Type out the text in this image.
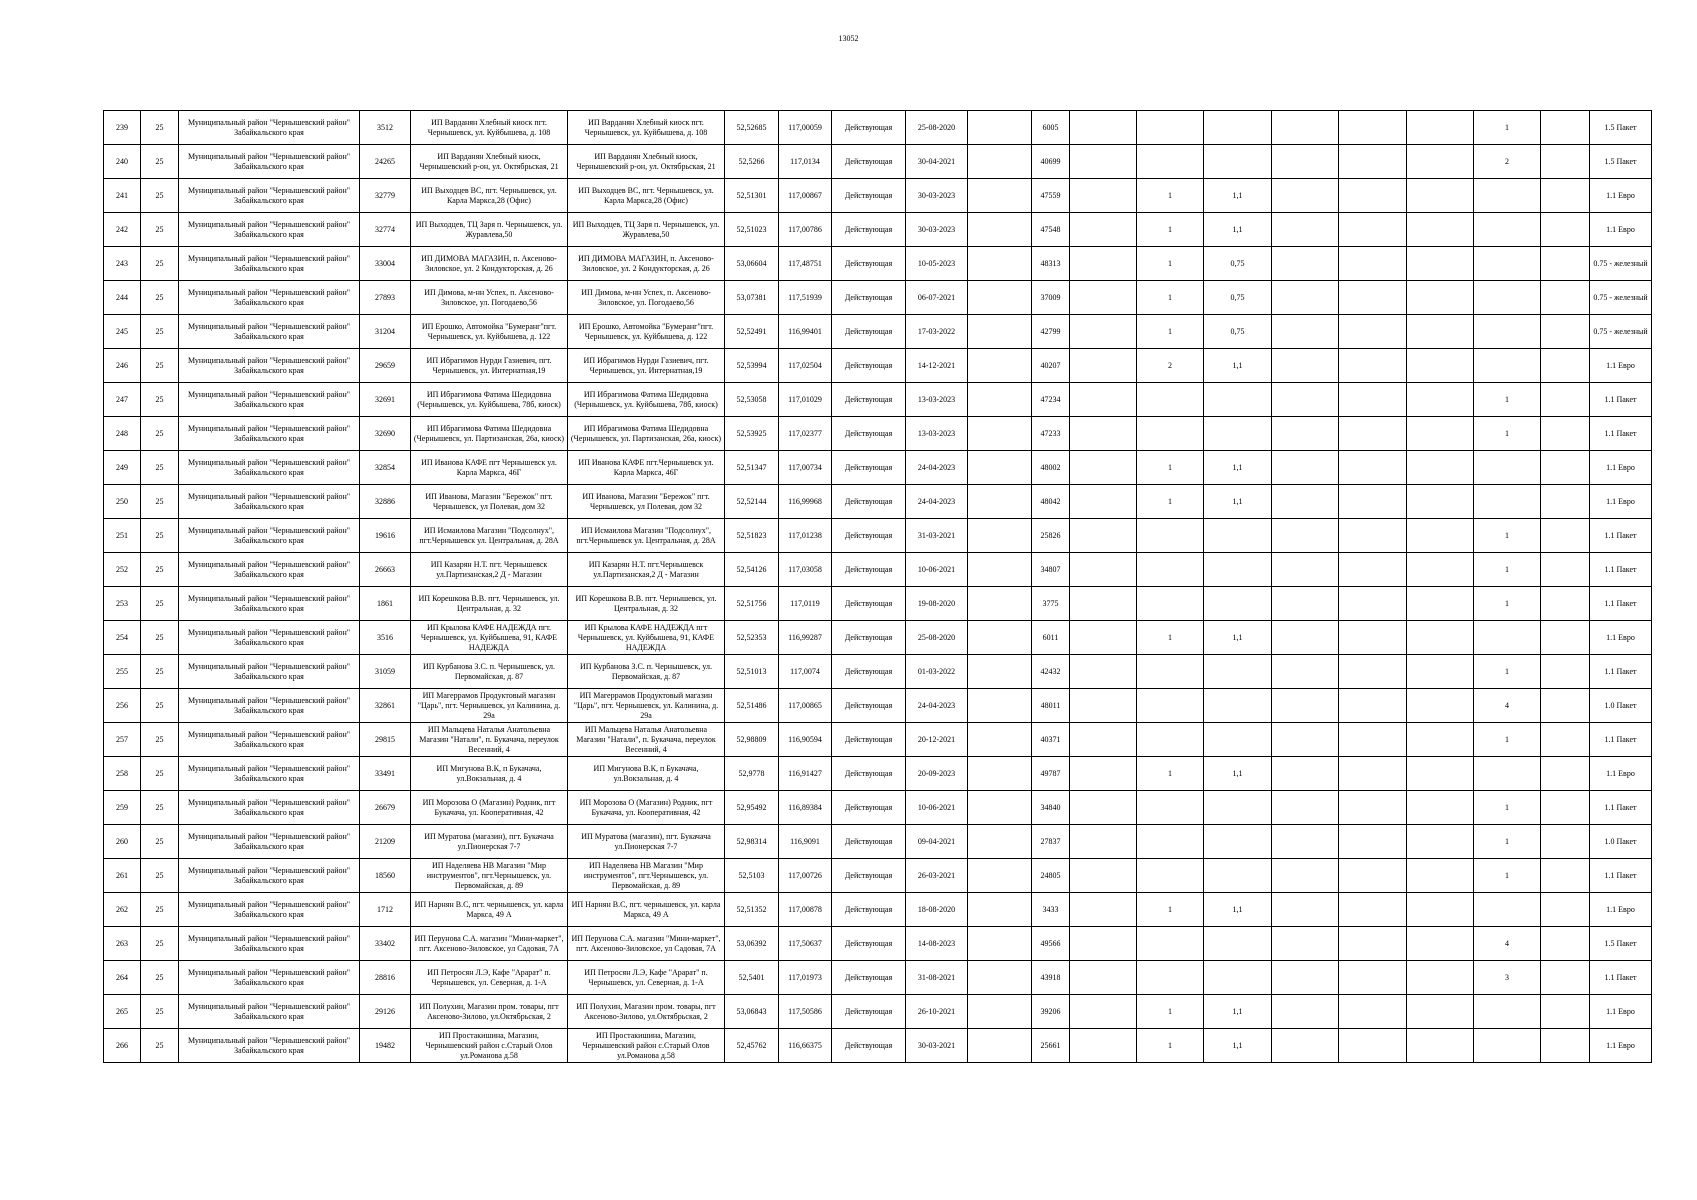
13052
239	25	Муниципальный район "Чернышевский район" Забайкальского края	3512	ИП Варданян Хлебный киоск пгт. Чернышевск, ул. Куйбышева, д. 108	ИП Варданян Хлебный киоск пгт. Чернышевск, ул. Куйбышева, д. 108	52,52685	117,00059	Действующая	25-08-2020		6005							1		1.5 Пакет
240	25	Муниципальный район "Чернышевский район" Забайкальского края	24265	ИП Варданян Хлебный киоск, Чернышевский р-он, ул. Октябрьская, 21	ИП Варданян Хлебный киоск, Чернышевский р-он, ул. Октябрьская, 21	52,5266	117,0134	Действующая	30-04-2021		40699							2		1.5 Пакет
241	25	Муниципальный район "Чернышевский район" Забайкальского края	32779	ИП Выходцев ВС, пгт. Чернышевск, ул. Карла Маркса,28 (Офис)	ИП Выходцев ВС, пгт. Чернышевск, ул. Карла Маркса,28 (Офис)	52,51301	117,00867	Действующая	30-03-2023		47559		1	1,1						1.1 Евро
242	25	Муниципальный район "Чернышевский район" Забайкальского края	32774	ИП Выходцев, ТЦ Заря п. Чернышевск, ул. Журавлева,50	ИП Выходцев, ТЦ Заря п. Чернышевск, ул. Журавлева,50	52,51023	117,00786	Действующая	30-03-2023		47548		1	1,1						1.1 Евро
243	25	Муниципальный район "Чернышевский район" Забайкальского края	33004	ИП ДИМОВА МАГАЗИН, п. Аксеново-Зиловское, ул. 2 Кондукторская, д. 26	ИП ДИМОВА МАГАЗИН, п. Аксеново-Зиловское, ул. 2 Кондукторская, д. 26	53,06604	117,48751	Действующая	10-05-2023		48313		1	0,75						0.75 - железный
244	25	Муниципальный район "Чернышевский район" Забайкальского края	27893	ИП Димова, м-нн Успех, п. Аксеново-Зиловское, ул. Погодаево,56	ИП Димова, м-нн Успех, п. Аксеново-Зиловское, ул. Погодаево,56	53,07381	117,51939	Действующая	06-07-2021		37009		1	0,75						0.75 - железный
245	25	Муниципальный район "Чернышевский район" Забайкальского края	31204	ИП Ерошко, Автомойка "Бумеранг"пгт. Чернышевск, ул. Куйбышева, д. 122	ИП Ерошко, Автомойка "Бумеранг"пгт. Чернышевск, ул. Куйбышева, д. 122	52,52491	116,99401	Действующая	17-03-2022		42799		1	0,75						0.75 - железный
246	25	Муниципальный район "Чернышевский район" Забайкальского края	29659	ИП Ибрагимов Нурди Газиевич, пгт. Чернышевск, ул. Интернатная,19	ИП Ибрагимов Нурди Газиевич, пгт. Чернышевск, ул. Интернатная,19	52,53994	117,02504	Действующая	14-12-2021		40207		2	1,1						1.1 Евро
247	25	Муниципальный район "Чернышевский район" Забайкальского края	32691	ИП Ибрагимова Фатима Шедидовна (Чернышевск, ул. Куйбышева, 78б, киоск)	ИП Ибрагимова Фатима Шедидовна (Чернышевск, ул. Куйбышева, 78б, киоск)	52,53058	117,01029	Действующая	13-03-2023		47234							1		1.1 Пакет
248	25	Муниципальный район "Чернышевский район" Забайкальского края	32690	ИП Ибрагимова Фатима Шедидовна (Чернышевск, ул. Партизанская, 26а, киоск)	ИП Ибрагимова Фатима Шедидовна (Чернышевск, ул. Партизанская, 26а, киоск)	52,53925	117,02377	Действующая	13-03-2023		47233							1		1.1 Пакет
249	25	Муниципальный район "Чернышевский район" Забайкальского края	32854	ИП Иванова КАФЕ пгт Чернышевск ул. Карла Маркса, 46Г	ИП Иванова КАФЕ пгт.Чернышевск ул. Карла Маркса, 46Г	52,51347	117,00734	Действующая	24-04-2023		48002		1	1,1						1.1 Евро
250	25	Муниципальный район "Чернышевский район" Забайкальского края	32886	ИП Иванова, Магазин "Бережок" пгт. Чернышевск, ул Полевая, дом 32	ИП Иванова, Магазин "Бережок" пгт. Чернышевск, ул Полевая, дом 32	52,52144	116,99968	Действующая	24-04-2023		48042		1	1,1						1.1 Евро
251	25	Муниципальный район "Чернышевский район" Забайкальского края	19616	ИП Исмаилова Магазин "Подсолнух", пгт.Чернышевск ул. Центральная, д. 28А	ИП Исмаилова Магазин "Подсолнух", пгт.Чернышевск ул. Центральная, д. 28А	52,51823	117,01238	Действующая	31-03-2021		25826							1		1.1 Пакет
252	25	Муниципальный район "Чернышевский район" Забайкальского края	26663	ИП Казарян Н.Т. пгт. Чернышевск ул.Партизанская,2 Д - Магазин	ИП Казарян Н.Т. пгт.Чернышевск ул.Партизанская,2 Д - Магазин	52,54126	117,03058	Действующая	10-06-2021		34807							1		1.1 Пакет
253	25	Муниципальный район "Чернышевский район" Забайкальского края	1861	ИП Корешкова В.В. пгт. Чернышевск, ул. Центральная, д. 32	ИП Корешкова В.В. пгт. Чернышевск, ул. Центральная, д. 32	52,51756	117,0119	Действующая	19-08-2020		3775							1		1.1 Пакет
254	25	Муниципальный район "Чернышевский район" Забайкальского края	3516	ИП Крылова КАФЕ НАДЕЖДА пгт. Чернышевск, ул. Куйбышева, 91, КАФЕ НАДЕЖДА	ИП Крылова КАФЕ НАДЕЖДА пгт Чернышевск, ул. Куйбышева, 91, КАФЕ НАДЕЖДА	52,52353	116,99287	Действующая	25-08-2020		6011		1	1,1						1.1 Евро
255	25	Муниципальный район "Чернышевский район" Забайкальского края	31059	ИП Курбанова З.С. п. Чернышевск, ул. Первомайская, д. 87	ИП Курбанова З.С. п. Чернышевск, ул. Первомайская, д. 87	52,51013	117,0074	Действующая	01-03-2022		42432							1		1.1 Пакет
256	25	Муниципальный район "Чернышевский район" Забайкальского края	32861	ИП Магеррамов Продуктовый магазин "Царь", пгт. Чернышевск, ул Калинина, д. 29а	ИП Магеррамов Продуктовый магазин "Царь", пгт. Чернышевск, ул. Калинина, д. 29а	52,51486	117,00865	Действующая	24-04-2023		48011							4		1.0 Пакет
257	25	Муниципальный район "Чернышевский район" Забайкальского края	29815	ИП Мальцева Наталья Анатольевна Магазин "Натали", п. Букачача, переулок Весенний, 4	ИП Мальцева Наталья Анатольевна Магазин "Натали", п. Букачача, переулок Весенний, 4	52,98809	116,90594	Действующая	20-12-2021		40371							1		1.1 Пакет
258	25	Муниципальный район "Чернышевский район" Забайкальского края	33491	ИП Мигунова В.К, п Букачача, ул.Вокзальная, д. 4	ИП Мигунова В.К, п Букачача, ул.Вокзальная, д. 4	52,9778	116,91427	Действующая	20-09-2023		49787		1	1,1						1.1 Евро
259	25	Муниципальный район "Чернышевский район" Забайкальского края	26679	ИП Морозова О (Магазин) Родник, пгт Букачача, ул. Кооперативная, 42	ИП Морозова О (Магазин) Родник, пгт Букачача, ул. Кооперативная, 42	52,95492	116,89384	Действующая	10-06-2021		34840							1		1.1 Пакет
260	25	Муниципальный район "Чернышевский район" Забайкальского края	21209	ИП Муратова (магазин), пгт. Букачача ул.Пионерская 7-7	ИП Муратова (магазин), пгт. Букачача ул.Пионерская 7-7	52,98314	116,9091	Действующая	09-04-2021		27837							1		1.0 Пакет
261	25	Муниципальный район "Чернышевский район" Забайкальского края	18560	ИП Наделяева НВ Магазин "Мир инструментов", пгт.Чернышевск, ул. Первомайская, д. 89	ИП Наделяева НВ Магазин "Мир инструментов", пгт.Чернышевск, ул. Первомайская, д. 89	52,5103	117,00726	Действующая	26-03-2021		24805							1		1.1 Пакет
262	25	Муниципальный район "Чернышевский район" Забайкальского края	1712	ИП Нарнян В.С, пгт. чернышевск, ул. карла Маркса, 49 А	ИП Нарнян В.С, пгт. чернышевск, ул. карла Маркса, 49 А	52,51352	117,00878	Действующая	18-08-2020		3433		1	1,1						1.1 Евро
263	25	Муниципальный район "Чернышевский район" Забайкальского края	33402	ИП Перунова С.А. магазин "Мини-маркет", пгт. Аксеново-Зиловское, ул Садовая, 7А	ИП Перунова С.А. магазин "Мини-маркет", пгт. Аксеново-Зиловское, ул Садовая, 7А	53,06392	117,50637	Действующая	14-08-2023		49566							4		1.5 Пакет
264	25	Муниципальный район "Чернышевский район" Забайкальского края	28816	ИП Петросян Л.Э, Кафе "Арарат" п. Чернышевск, ул. Северная, д. 1-А	ИП Петросян Л.Э, Кафе "Арарат" п. Чернышевск, ул. Северная, д. 1-А	52,5401	117,01973	Действующая	31-08-2021		43918							3		1.1 Пакет
265	25	Муниципальный район "Чернышевский район" Забайкальского края	29126	ИП Полухин, Магазин пром. товары, пгт Аксеново-Зилово, ул.Октябрьская, 2	ИП Полухин, Магазин пром. товары, пгт Аксеново-Зилово, ул.Октябрьская, 2	53,06843	117,50586	Действующая	26-10-2021		39206		1	1,1						1.1 Евро
266	25	Муниципальный район "Чернышевский район" Забайкальского края	19482	ИП Простакишина, Магазин, Чернышевский район с.Старый Олов ул.Романова д.58	ИП Простакишина, Магазин, Чернышевский район с.Старый Олов ул.Романова д.58	52,45762	116,66375	Действующая	30-03-2021		25661		1	1,1						1.1 Евро
